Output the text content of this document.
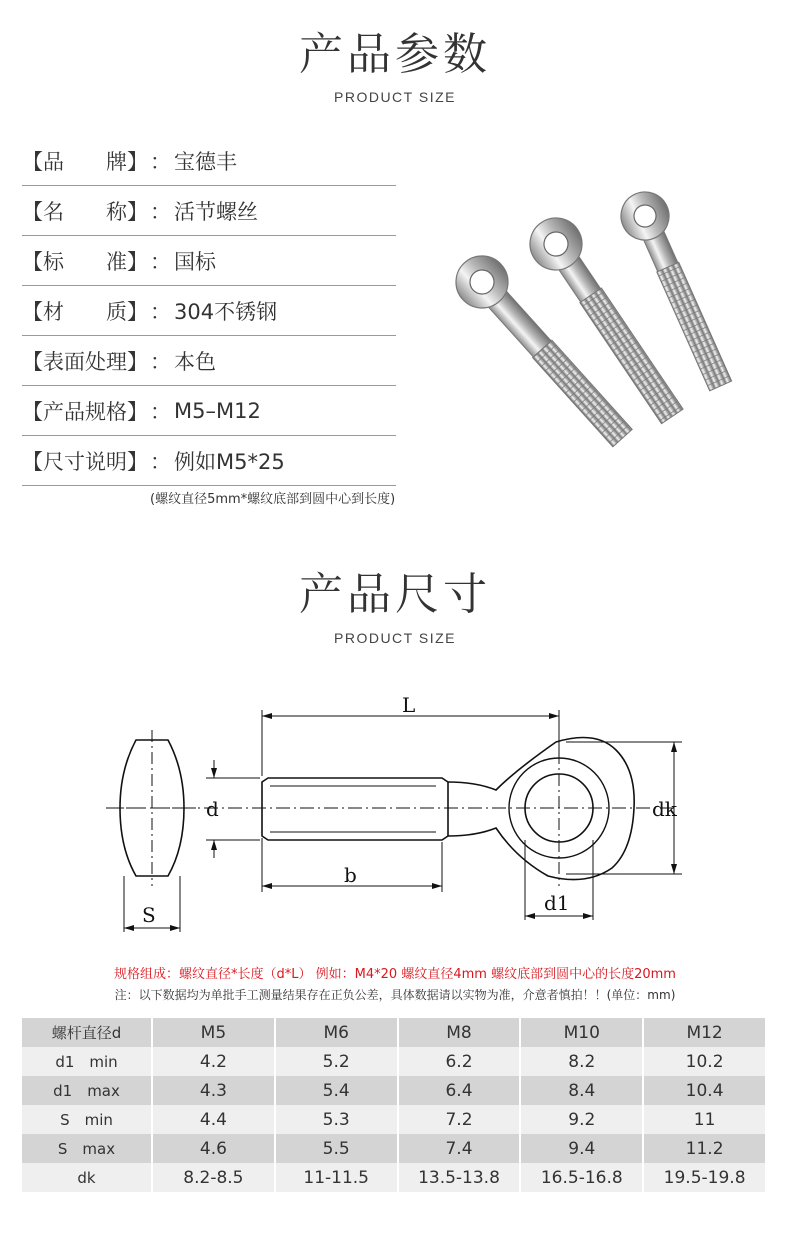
产品参数
PRODUCT SIZE
【品　　牌】 ： 宝德丰
【名　　称】 ： 活节螺丝
【标　　准】 ： 国标
【材　　质】 ： 304不锈钢
【表面处理】 ： 本色
【产品规格】 ： M5–M12
【尺寸说明】 ： 例如M5*25
(螺纹直径5mm*螺纹底部到圆中心到长度)
产品尺寸
PRODUCT SIZE
L
b
d	dk
d1
S
规格组成：螺纹直径*长度（d*L） 例如：M4*20 螺纹直径4mm 螺纹底部到圆中心的长度20mm
注：以下数据均为单批手工测量结果存在正负公差，具体数据请以实物为准，介意者慎拍！！(单位：mm)
螺杆直径d	M5	M6	M8	M10	M12
d1　min	4.2	5.2	6.2	8.2	10.2
d1　max	4.3	5.4	6.4	8.4	10.4
S　min	4.4	5.3	7.2	9.2	11
S　max	4.6	5.5	7.4	9.4	11.2
dk	8.2-8.5	11-11.5	13.5-13.8	16.5-16.8	19.5-19.8
